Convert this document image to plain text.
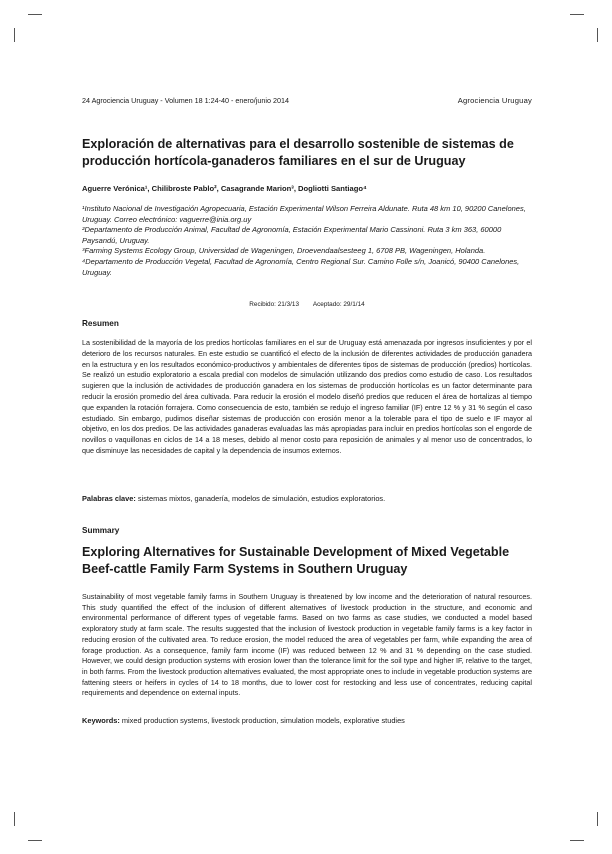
24 Agrociencia Uruguay - Volumen 18 1:24-40 - enero/junio 2014	Agrociencia Uruguay
Exploración de alternativas para el desarrollo sostenible de sistemas de producción hortícola-ganaderos familiares en el sur de Uruguay
Aguerre Verónica¹, Chilibroste Pablo², Casagrande Marion³, Dogliotti Santiago⁴

¹Instituto Nacional de Investigación Agropecuaria, Estación Experimental Wilson Ferreira Aldunate. Ruta 48 km 10, 90200 Canelones, Uruguay. Correo electrónico: vaguerre@inia.org.uy

²Departamento de Producción Animal, Facultad de Agronomía, Estación Experimental Mario Cassinoni. Ruta 3 km 363, 60000 Paysandú, Uruguay.

³Farming Systems Ecology Group, Universidad de Wageningen, Droevendaalsesteeg 1, 6708 PB, Wageningen, Holanda.

⁴Departamento de Producción Vegetal, Facultad de Agronomía, Centro Regional Sur. Camino Folle s/n, Joanicó, 90400 Canelones, Uruguay.

Recibido: 21/3/13 Aceptado: 29/1/14
Resumen

La sostenibilidad de la mayoría de los predios hortícolas familiares en el sur de Uruguay está amenazada por ingresos insuficientes y por el deterioro de los recursos naturales. En este estudio se cuantificó el efecto de la inclusión de diferentes actividades de producción ganadera en la estructura y en los resultados económico-productivos y ambientales de diferentes tipos de sistemas de producción (predios) hortícolas. Se realizó un estudio exploratorio a escala predial con modelos de simulación utilizando dos predios como estudio de caso. Los resultados sugieren que la inclusión de actividades de producción ganadera en los sistemas de producción hortícolas es un factor determinante para reducir la erosión promedio del área cultivada. Para reducir la erosión el modelo diseñó predios que reducen el área de hortalizas al tiempo que expanden la rotación forrajera. Como consecuencia de esto, también se redujo el ingreso familiar (IF) entre 12 % y 31 % según el caso estudiado. Sin embargo, pudimos diseñar sistemas de producción con erosión menor a la tolerable para el tipo de suelo e IF mayor al objetivo, en los dos predios. De las actividades ganaderas evaluadas las más apropiadas para incluir en predios hortícolas son el engorde de novillos o vaquillonas en ciclos de 14 a 18 meses, debido al menor costo para reposición de animales y al menor uso de concentrados, lo que disminuye las necesidades de capital y la dependencia de insumos externos.

Palabras clave: sistemas mixtos, ganadería, modelos de simulación, estudios exploratorios.
Summary
Exploring Alternatives for Sustainable Development of Mixed Vegetable Beef-cattle Family Farm Systems in Southern Uruguay

Sustainability of most vegetable family farms in Southern Uruguay is threatened by low income and the deterioration of natural resources. This study quantified the effect of the inclusion of different alternatives of livestock production in the structure, and economic and environmental performance of different types of vegetable farms. Based on two farms as case studies, we conducted a model based exploratory study at farm scale. The results suggested that the inclusion of livestock production in vegetable family farms is a key factor in reducing erosion of the cultivated area. To reduce erosion, the model reduced the area of vegetables per farm, while expanding the area of forage production. As a consequence, family farm income (IF) was reduced between 12 % and 31 % depending on the case studied. However, we could design production systems with erosion lower than the tolerance limit for the soil type and higher IF, relative to the target, in both farms. From the livestock production alternatives evaluated, the most appropriate ones to include in vegetable production systems are fattening steers or heifers in cycles of 14 to 18 months, due to lower cost for restocking and less use of concentrates, reducing capital requirements and dependence on external inputs.

Keywords: mixed production systems, livestock production, simulation models, explorative studies
